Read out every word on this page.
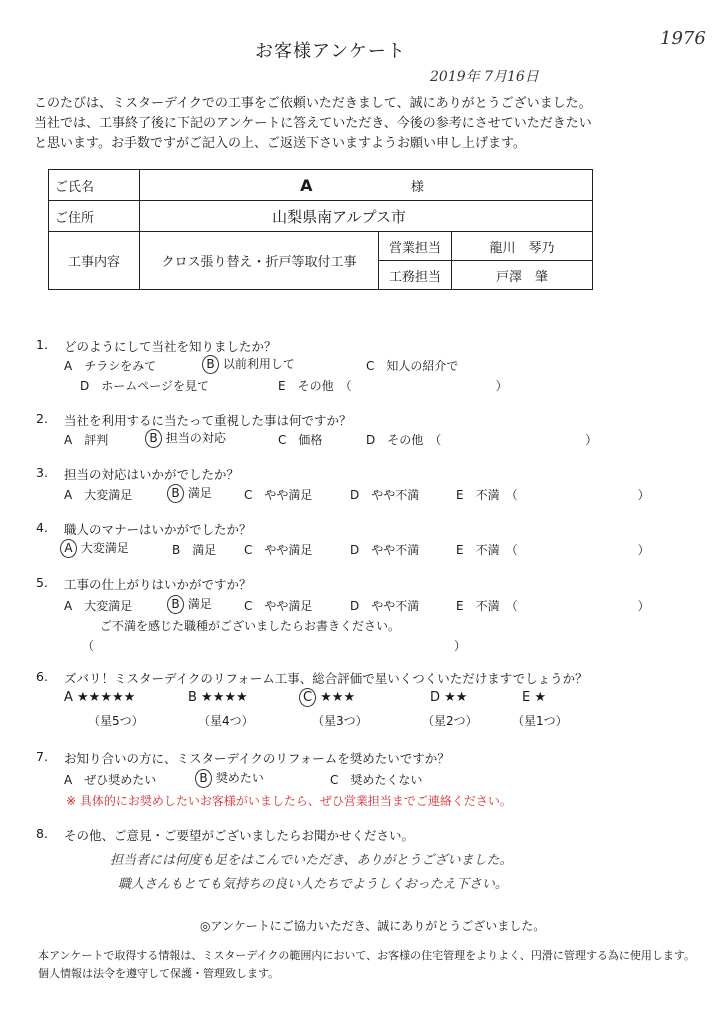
お客様アンケート
1976
2019年 7月16日
このたびは、ミスターデイクでの工事をご依頼いただきまして、誠にありがとうございました。
当社では、工事終了後に下記のアンケートに答えていただき、今後の参考にさせていただきたい
と思います。お手数ですがご記入の上、ご返送下さいますようお願い申し上げます。
ご氏名	A 様		
ご住所	山梨県南アルプス市		
工事内容	クロス張り替え・折戸等取付工事	営業担当	龍川　琴乃
		工務担当	戸澤　肇
1. どのようにして当社を知りましたか？
A　チラシをみて	B 以前利用して	C　知人の紹介で
D　ホームページを見て	E　その他　（　　　　　　　　　　　　）
2. 当社を利用するに当たって重視した事は何ですか？
A　評判	B 担当の対応	C　価格	D　その他　（　　　　　　　　　　　　）
3. 担当の対応はいかがでしたか？
A　大変満足	B 満足	C　やや満足	D　やや不満	E　不満　（　　　　　　　　　　）
4. 職人のマナーはいかがでしたか？
A 大変満足	B　満足 C　やや満足	D　やや不満	E　不満　（　　　　　　　　　　）
5. 工事の仕上がりはいかがですか？
A　大変満足	B 満足	C　やや満足	D　やや不満	E　不満　（　　　　　　　　　　）
ご不満を感じた職種がございましたらお書きください。
（　　　　　　　　　　　　　　　　　　　　　　　　　　　　　　）
6. ズバリ！ミスターデイクのリフォーム工事、総合評価で星いくつくいただけますでしょうか？
A ★★★★★	B ★★★★	C ★★★	D ★★	E ★
（星5つ）	（星4つ）	（星3つ）	（星2つ）	（星1つ）
7. お知り合いの方に、ミスターデイクのリフォームを奨めたいですか？
A　ぜひ奨めたい	B 奨めたい	C　奨めたくない
※ 具体的にお奨めしたいお客様がいましたら、ぜひ営業担当までご連絡ください。
8. その他、ご意見・ご要望がございましたらお聞かせください。
担当者には何度も足をはこんでいただき、ありがとうございました。
職人さんもとても気持ちの良い人たちでようしくおったえ下さい。
◎アンケートにご協力いただき、誠にありがとうございました。
本アンケートで取得する情報は、ミスターデイクの範囲内において、お客様の住宅管理をよりよく、円滑に管理する為に使用します。
個人情報は法令を遵守して保護・管理致します。
